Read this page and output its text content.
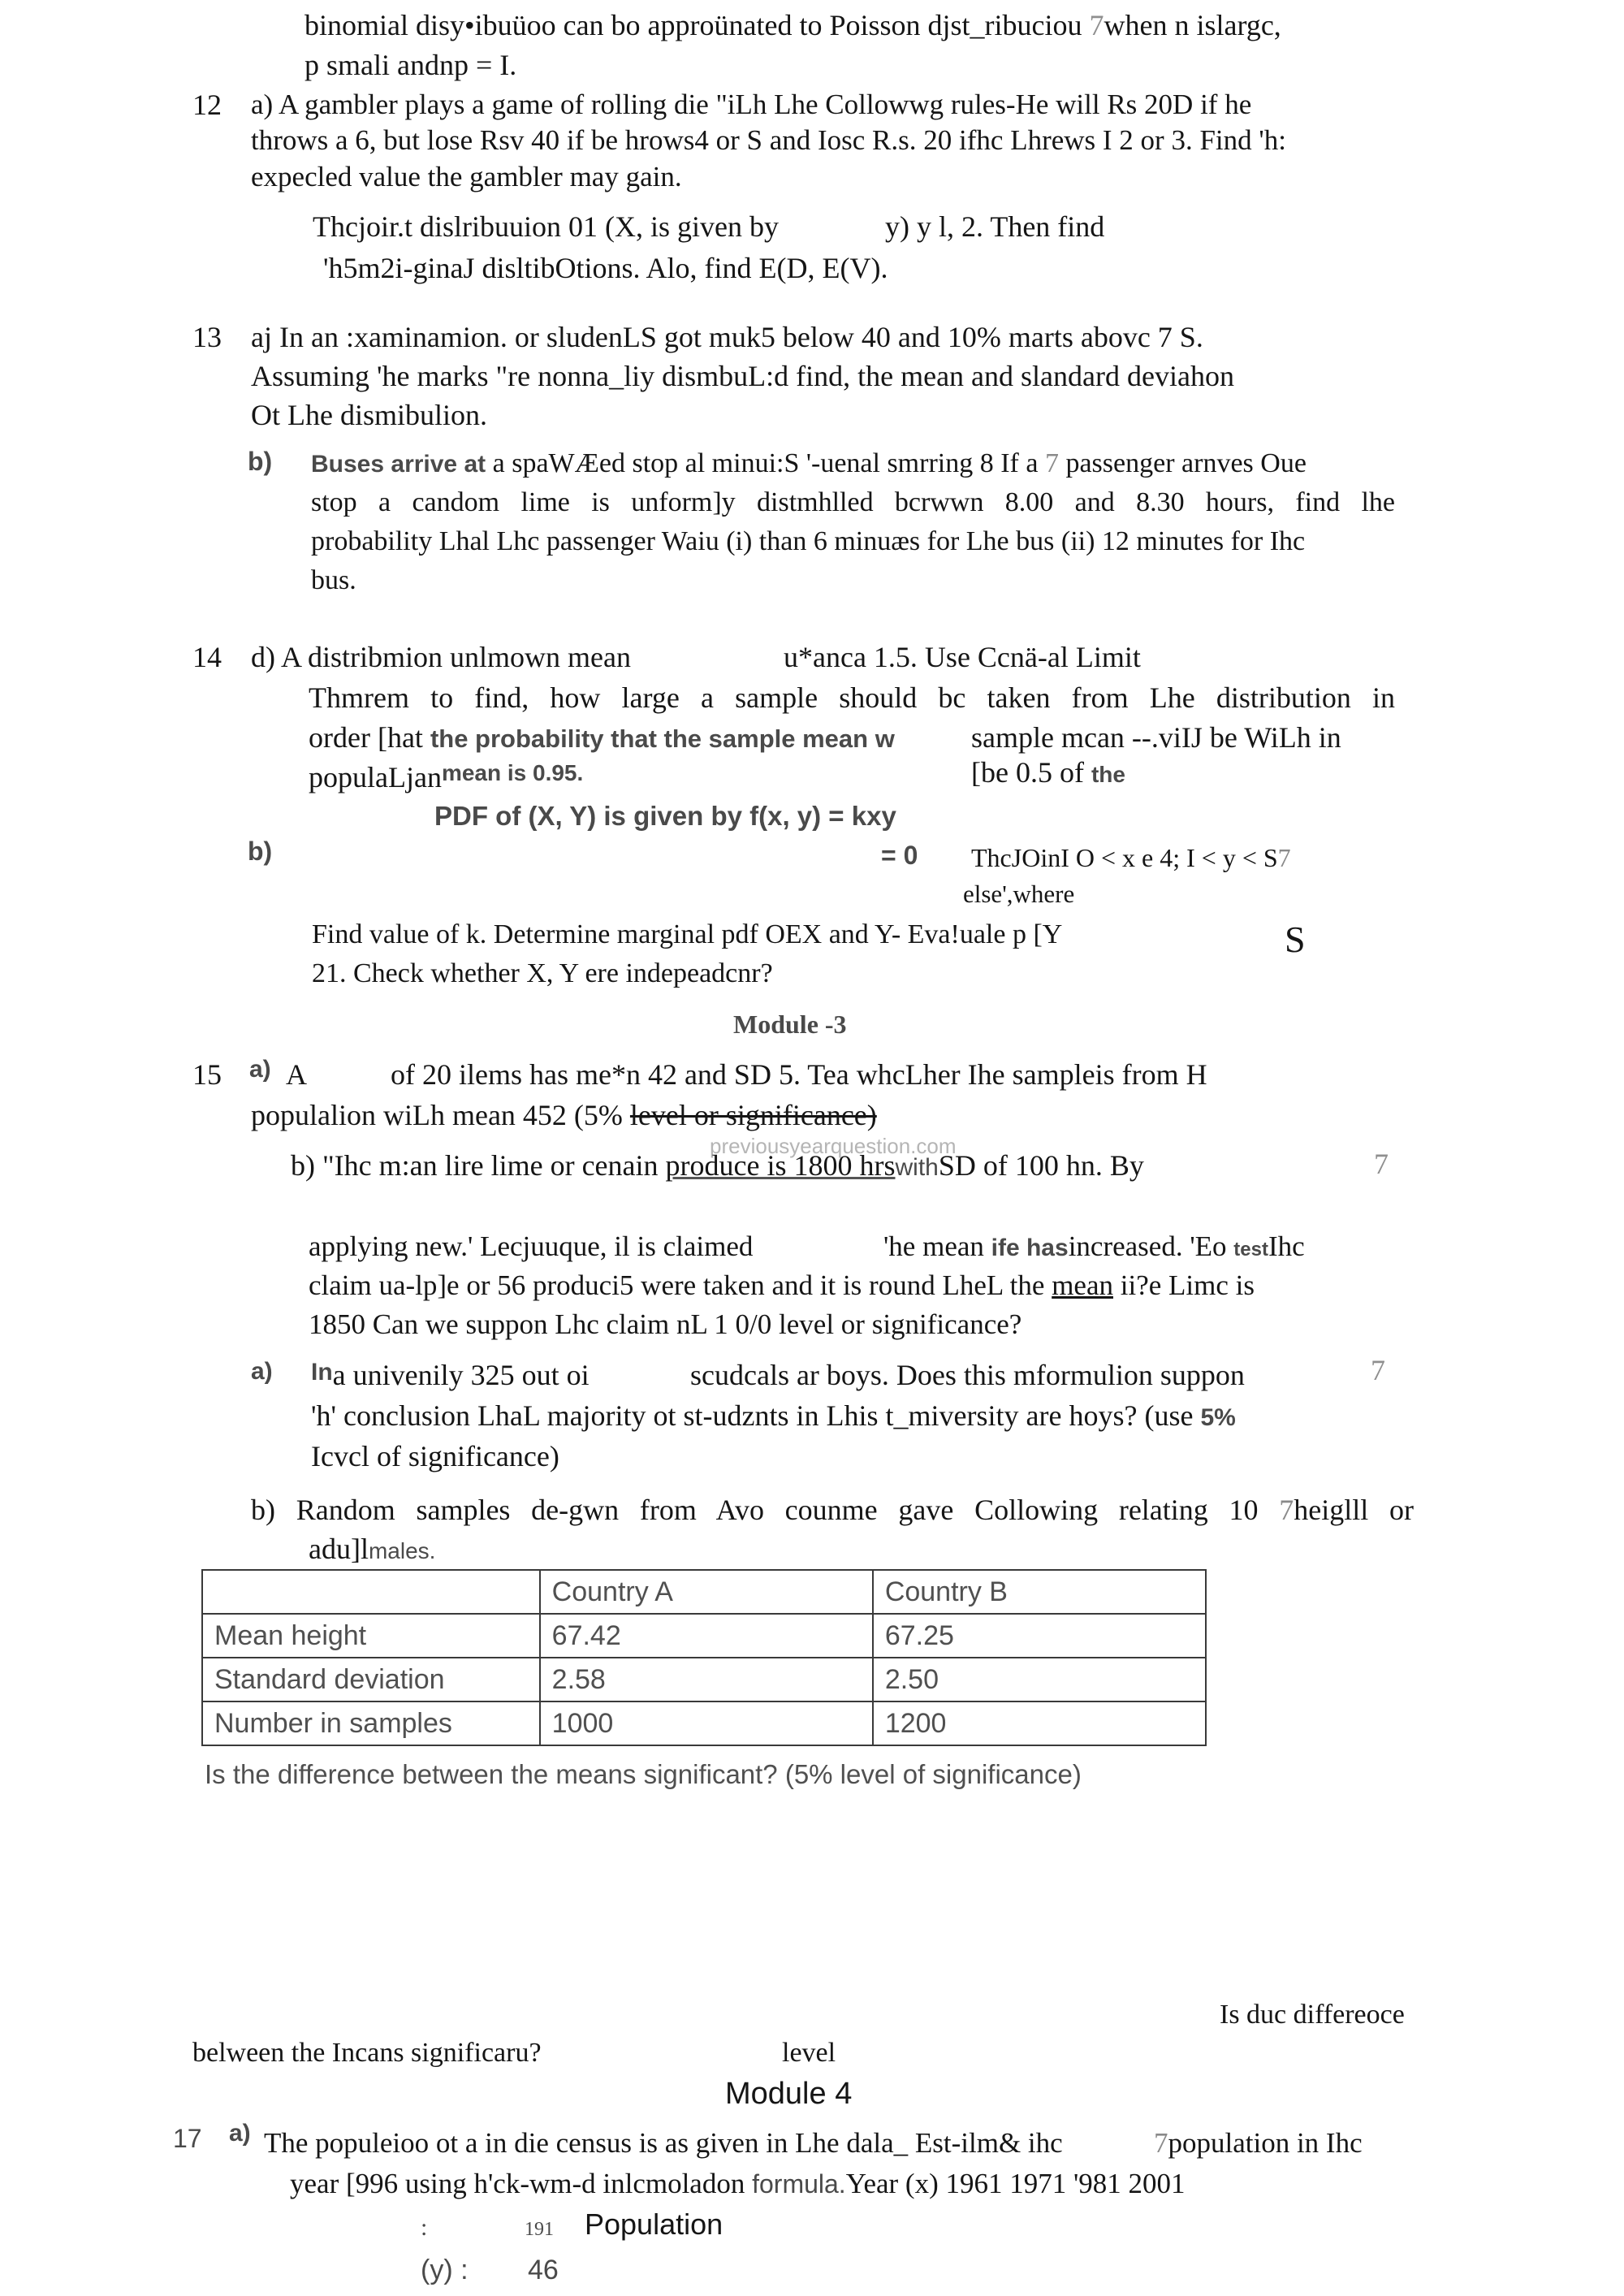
binomial disy•ibuüoo can bo approünated to Poisson djst_ribuciou 7when n islargc,
p smali andnp = I.
12 a) A gambler plays a game of rolling die "iLh Lhe Collowwg rules-He will Rs 20D if he
throws a 6, but lose Rsv 40 if be hrows4 or S and Iosc R.s. 20 ifhc Lhrews I 2 or 3. Find 'h:
expecled value the gambler may gain.
Thcjoir.t dislribuuion 01 (X, is given by	y) y l, 2. Then find
'h5m2i-ginaJ disltibOtions. Alo, find E(D, E(V).
13 aj In an :xaminamion. or sludenLS got muk5 below 40 and 10% marts abovc 7 S.
Assuming 'he marks "re nonna_liy dismbuL:d find, the mean and slandard deviahon
Ot Lhe dismibulion.
b) Buses arrive at a spaWÆed stop al minui:S '-uenal smrring 8 If a 7 passenger arnves Oue
stop a candom lime is unform]y distmhlled bcrwwn 8.00 and 8.30 hours, find lhe
probability Lhal Lhc passenger Waiu (i) than 6 minuæs for Lhe bus (ii) 12 minutes for Ihc
bus.
14 d) A distribmion unlmown mean	u*anca 1.5. Use Ccnä-al Limit
Thmrem to find, how large a sample should bc taken from Lhe distribution in
order [hat the probability that the sample mean w	sample mcan --.viIJ be WiLh in
populaLjan$^{mean is 0.95.}$	[be 0.5 of the
PDF of (X, Y) is given by f(x, y) = kxy
b)	= 0 ThcJOinI O < x e 4; I < y < S7
else',where
Find value of k. Determine marginal pdf OEX and Y- Eva!uale p [Y	S
21. Check whether X, Y ere indepeadcnr?
Module -3
15 a) A	of 20 ilems has me*n 42 and SD 5. Tea whcLher Ihe sampleis from H
populalion wiLh mean 452 (5% level or significance)
previousyearquestion.com
b) "Ihc m:an lire lime or cenain produce is 1800 hrswithSD of 100 hn. By	7
applying new.' Lecjuuque, il is claimed	'he mean ife hasincreased. 'Eo testIhc
claim ua-lp]e or 56 produci5 were taken and it is round LheL the mean ii?e Limc is
1850 Can we suppon Lhc claim nL 1 0/0 level or significance?
a) Ina univenily 325 out oi	scudcals ar boys. Does this mformulion suppon	7
'h' conclusion LhaL majority ot st-udznts in Lhis t_miversity are hoys? (use 5%
Icvcl of significance)
b) Random samples de-gwn from Avo counme gave Collowing relating 10 7heiglll or
adu]lmales.
	Country A	Country B
Mean height	67.42	67.25
Standard deviation	2.58	2.50
Number in samples	1000	1200
Is the difference between the means significant? (5% level of significance)
Is duc differeoce
belween the Incans significaru?	level
Module 4
17 a) The populeioo ot a in die census is as given in Lhe dala_ Est-ilm& ihc	7population in Ihc
year [996 using h'ck-wm-d inlcmoladon formula.Year (x) 1961 1971 '981 2001
:	191 Population
(y) : 46
